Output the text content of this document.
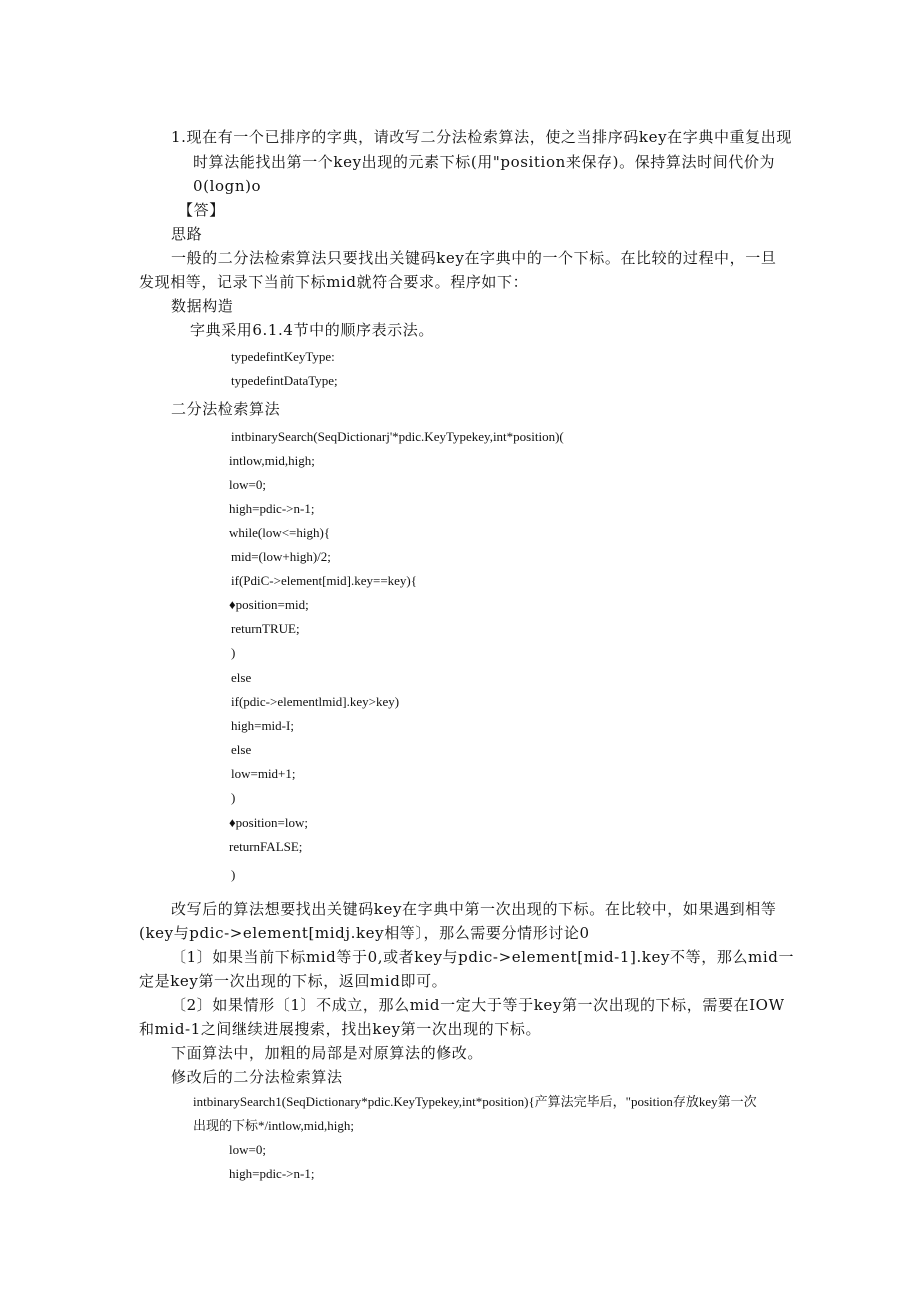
1.现在有一个已排序的字典，请改写二分法检索算法，使之当排序码key在字典中重复出现
时算法能找出第一个key出现的元素下标(用"position来保存)。保持算法时间代价为
0(logn)o
【答】
思路
一般的二分法检索算法只要找出关键码key在字典中的一个下标。在比较的过程中，一旦
发现相等，记录下当前下标mid就符合要求。程序如下：
数据构造
字典采用6.1.4节中的顺序表示法。
typedefintKeyType:
typedefintDataType;
二分法检索算法
intbinarySearch(SeqDictionarj'*pdic.KeyTypekey,int*position)(
intlow,mid,high;
low=0;
high=pdic->n-1;
while(low<=high){
mid=(low+high)/2;
if(PdiC->element[mid].key==key){
♦position=mid;
returnTRUE;
)
else
if(pdic->elementlmid].key>key)
high=mid-I;
else
low=mid+1;
)
♦position=low;
returnFALSE;
)
改写后的算法想要找出关键码key在字典中第一次出现的下标。在比较中，如果遇到相等
(key与pdic->element[midj.key相等〕，那么需要分情形讨论0
〔1〕如果当前下标mid等于0,或者key与pdic->element[mid-1].key不等，那么mid一
定是key第一次出现的下标，返回mid即可。
〔2〕如果情形〔1〕不成立，那么mid一定大于等于key第一次出现的下标，需要在IOW
和mid-1之间继续进展搜索，找出key第一次出现的下标。
下面算法中，加粗的局部是对原算法的修改。
修改后的二分法检索算法
intbinarySearch1(SeqDictionary*pdic.KeyTypekey,int*position){产算法完毕后，"position存放key第一次
出现的下标*/intlow,mid,high;
low=0;
high=pdic->n-1;
